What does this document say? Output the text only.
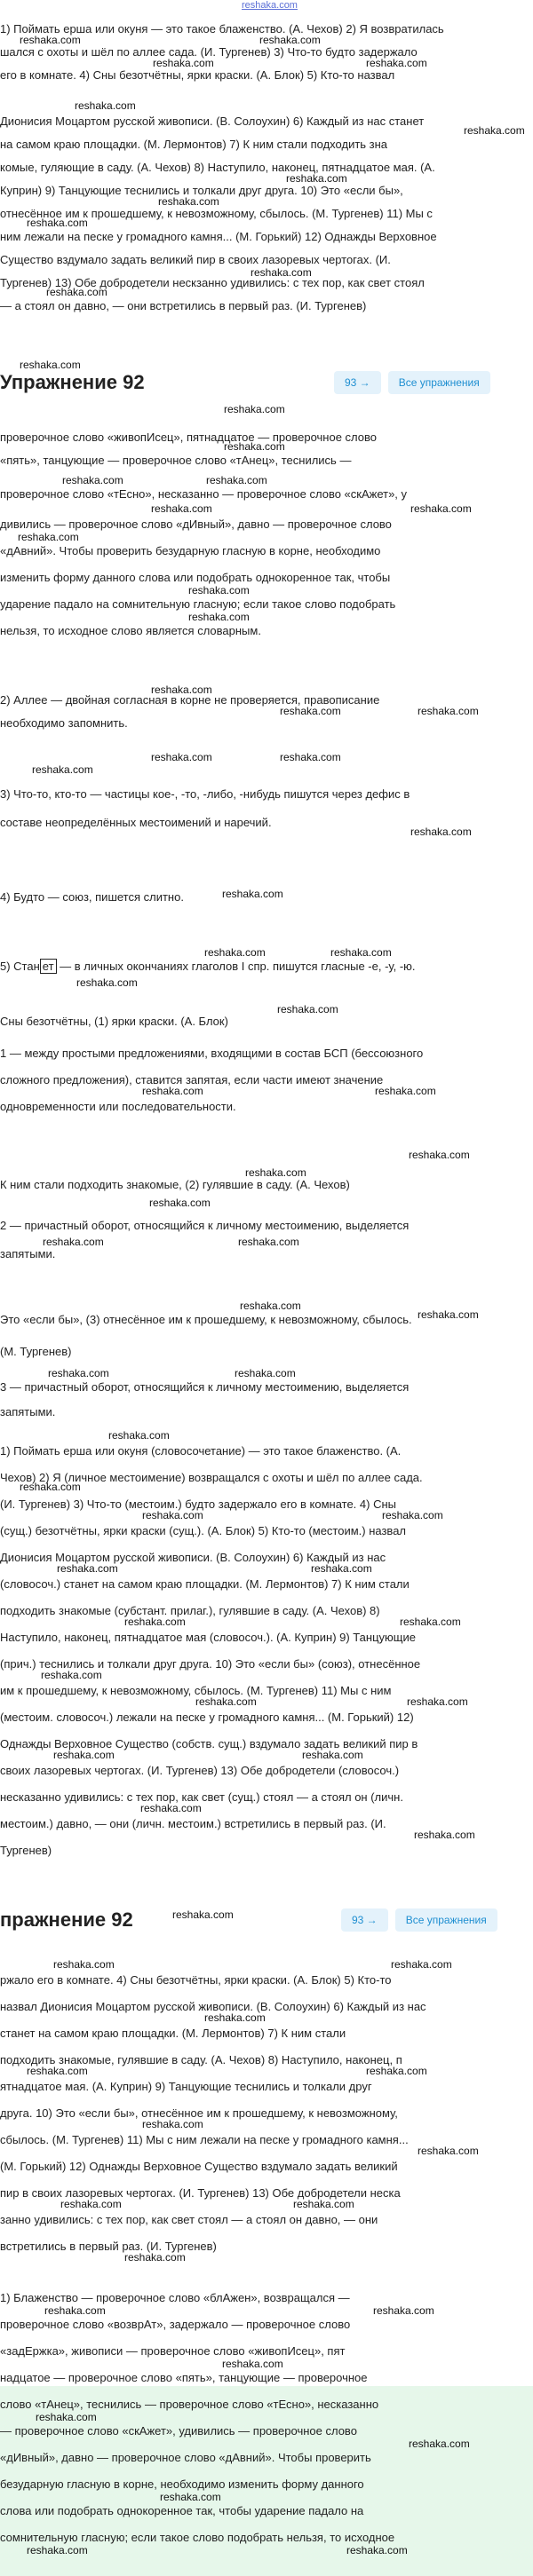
reshaka.com
1) Поймать ерша или окуня — это такое блаженство. (А. Чехов) 2) Я возвратилась
шался с охоты и шёл по аллее сада. (И. Тургенев) 3) Что-то будто задержало
его в комнате. 4) Сны безотчётны, ярки краски. (А. Блок) 5) Кто-то назвал
Дионисия Моцартом русской живописи. (В. Солоухин) 6) Каждый из нас станет
на самом краю площадки. (М. Лермонтов) 7) К ним стали подходить зна
комые, гуляющие в саду. (А. Чехов) 8) Наступило, наконец, пятнадцатое мая. (А.
Куприн) 9) Танцующие теснились и толкали друг друга. 10) Это «если бы»,
отнесённое им к прошедшему, к невозможному, сбылось. (М. Тургенев) 11) Мы с
ним лежали на песке у громадного камня... (М. Горький) 12) Однажды Верховное
Существо вздумало задать великий пир в своих лазоревых чертогах. (И.
Тургенев) 13) Обе добродетели нескзанно удивились: с тех пор, как свет стоял
— а стоял он давно, — они встретились в первый раз. (И. Тургенев)
Упражнение 92	93 →	Все упражнения
проверочное слово «живопИсец», пятнадцатое — проверочное слово
«пять», танцующие — проверочное слово «тАнец», теснились —
проверочное слово «тЕсно», несказанно — проверочное слово «скАжет», у
дивились — проверочное слово «дИвный», давно — проверочное слово
«дАвний». Чтобы проверить безударную гласную в корне, необходимо
изменить форму данного слова или подобрать однокоренное так, чтобы
ударение падало на сомнительную гласную; если такое слово подобрать
нельзя, то исходное слово является словарным.
2) Аллее — двойная согласная в корне не проверяется, правописание
необходимо запомнить.
3) Что-то, кто-то — частицы кое-, -то, -либо, -нибудь пишутся через дефис в
составе неопределённых местоимений и наречий.
4) Будто — союз, пишется слитно.
5) Стан ет — в личных окончаниях глаголов I спр. пишутся гласные -е, -у, -ю.
Сны безотчётны, (1) ярки краски. (А. Блок)
1 — между простыми предложениями, входящими в состав БСП (бессоюзного
сложного предложения), ставится запятая, если части имеют значение
одновременности или последовательности.
К ним стали подходить знакомые, (2) гулявшие в саду. (А. Чехов)
2 — причастный оборот, относящийся к личному местоимению, выделяется
запятыми.
Это «если бы», (3) отнесённое им к прошедшему, к невозможному, сбылось.
(М. Тургенев)
3 — причастный оборот, относящийся к личному местоимению, выделяется
запятыми.
1) Поймать ерша или окуня (словосочетание) — это такое блаженство. (А.
Чехов) 2) Я (личное местоимение) возвращался с охоты и шёл по аллее сада.
(И. Тургенев) 3) Что-то (местоим.) будто задержало его в комнате. 4) Сны
(сущ.) безотчётны, ярки краски (сущ.). (А. Блок) 5) Кто-то (местоим.) назвал
Дионисия Моцартом русской живописи. (В. Солоухин) 6) Каждый из нас
(словосоч.) станет на самом краю площадки. (М. Лермонтов) 7) К ним стали
подходить знакомые (субстант. прилаг.), гулявшие в саду. (А. Чехов) 8)
Наступило, наконец, пятнадцатое мая (словосоч.). (А. Куприн) 9) Танцующие
(прич.) теснились и толкали друг друга. 10) Это «если бы» (союз), отнесённое
им к прошедшему, к невозможному, сбылось. (М. Тургенев) 11) Мы с ним
(местоим. словосоч.) лежали на песке у громадного камня... (М. Горький) 12)
Однажды Верховное Существо (собств. сущ.) вздумало задать великий пир в
своих лазоревых чертогах. (И. Тургенев) 13) Обе добродетели (словосоч.)
несказанно удивились: с тех пор, как свет (сущ.) стоял — а стоял он (личн.
местоим.) давно, — они (личн. местоим.) встретились в первый раз. (И.
Тургенев)
пражнение 92	93 →	Все упражнения
ржало его в комнате. 4) Сны безотчётны, ярки краски. (А. Блок) 5) Кто-то
назвал Дионисия Моцартом русской живописи. (В. Солоухин) 6) Каждый из нас
станет на самом краю площадки. (М. Лермонтов) 7) К ним стали
подходить знакомые, гулявшие в саду. (А. Чехов) 8) Наступило, наконец, п
ятнадцатое мая. (А. Куприн) 9) Танцующие теснились и толкали друг
друга. 10) Это «если бы», отнесённое им к прошедшему, к невозможному,
сбылось. (М. Тургенев) 11) Мы с ним лежали на песке у громадного камня...
(М. Горький) 12) Однажды Верховное Существо вздумало задать великий
пир в своих лазоревых чертогах. (И. Тургенев) 13) Обе добродетели неска
занно удивились: с тех пор, как свет стоял — а стоял он давно, — они
встретились в первый раз. (И. Тургенев)
1) Блаженство — проверочное слово «блАжен», возвращался —
проверочное слово «возврАт», задержало — проверочное слово
«задЕржка», живописи — проверочное слово «живопИсец», пят
надцатое — проверочное слово «пять», танцующие — проверочное
слово «тАнец», теснились — проверочное слово «тЕсно», несказанно
— проверочное слово «скАжет», удивились — проверочное слово
«дИвный», давно — проверочное слово «дАвний». Чтобы проверить
безударную гласную в корне, необходимо изменить форму данного
слова или подобрать однокоренное так, чтобы ударение падало на
сомнительную гласную; если такое слово подобрать нельзя, то исходное
reshaka.com
reshaka.com
reshaka.com
reshaka.com
reshaka.com
reshaka.com
reshaka.com
reshaka.com
reshaka.com
reshaka.com
reshaka.com
reshaka.com
reshaka.com
reshaka.com
reshaka.com	reshaka.com
reshaka.com
reshaka.com
reshaka.com
reshaka.com
reshaka.com
reshaka.com
reshaka.com	reshaka.com
reshaka.com	reshaka.com
reshaka.com
reshaka.com
reshaka.com
reshaka.com	reshaka.com
reshaka.com
reshaka.com
reshaka.com	reshaka.com
reshaka.com
reshaka.com
reshaka.com
reshaka.com	reshaka.com
reshaka.com
reshaka.com
reshaka.com	reshaka.com
reshaka.com
reshaka.com
reshaka.com	reshaka.com
reshaka.com	reshaka.com
reshaka.com	reshaka.com
reshaka.com
reshaka.com	reshaka.com
reshaka.com	reshaka.com
reshaka.com
reshaka.com
reshaka.com
reshaka.com	reshaka.com
reshaka.com
reshaka.com	reshaka.com
reshaka.com
reshaka.com
reshaka.com	reshaka.com
reshaka.com
reshaka.com	reshaka.com
reshaka.com
reshaka.com
reshaka.com
reshaka.com
reshaka.com	reshaka.com
